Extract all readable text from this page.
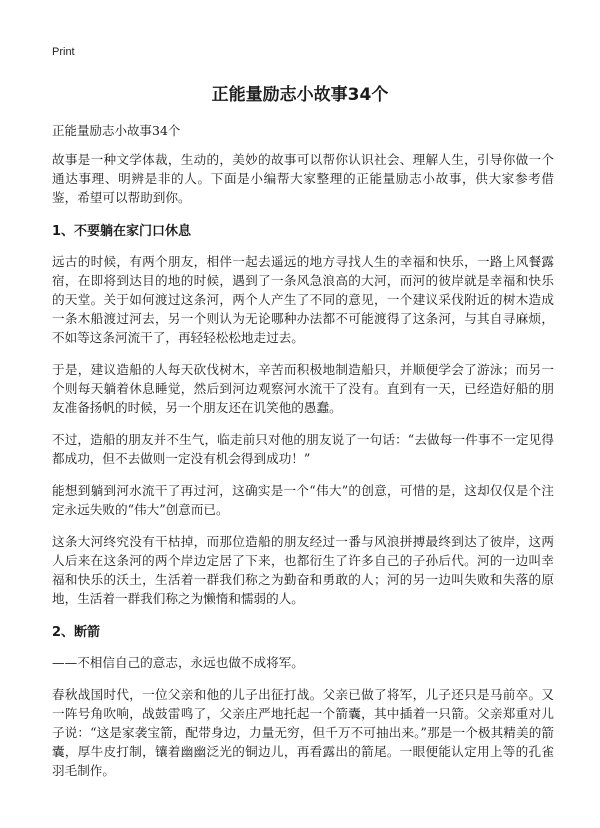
Print
正能量励志小故事34个
正能量励志小故事34个

故事是一种文学体裁，生动的，美妙的故事可以帮你认识社会、理解人生，引导你做一个通达事理、明辨是非的人。下面是小编帮大家整理的正能量励志小故事，供大家参考借鉴，希望可以帮助到你。

1、不要躺在家门口休息

远古的时候，有两个朋友，相伴一起去遥远的地方寻找人生的幸福和快乐，一路上风餐露宿，在即将到达目的地的时候，遇到了一条风急浪高的大河，而河的彼岸就是幸福和快乐的天堂。关于如何渡过这条河，两个人产生了不同的意见，一个建议采伐附近的树木造成一条木船渡过河去，另一个则认为无论哪种办法都不可能渡得了这条河，与其自寻麻烦，不如等这条河流干了，再轻轻松松地走过去。

于是，建议造船的人每天砍伐树木，辛苦而积极地制造船只，并顺便学会了游泳；而另一个则每天躺着休息睡觉，然后到河边观察河水流干了没有。直到有一天，已经造好船的朋友准备扬帆的时候，另一个朋友还在讥笑他的愚蠢。

不过，造船的朋友并不生气，临走前只对他的朋友说了一句话：“去做每一件事不一定见得都成功，但不去做则一定没有机会得到成功！”

能想到躺到河水流干了再过河，这确实是一个“伟大”的创意，可惜的是，这却仅仅是个注定永远失败的“伟大”创意而已。

这条大河终究没有干枯掉，而那位造船的朋友经过一番与风浪拼搏最终到达了彼岸，这两人后来在这条河的两个岸边定居了下来，也都衍生了许多自己的子孙后代。河的一边叫幸福和快乐的沃土，生活着一群我们称之为勤奋和勇敢的人；河的另一边叫失败和失落的原地，生活着一群我们称之为懒惰和懦弱的人。

2、断箭

——不相信自己的意志，永远也做不成将军。

春秋战国时代，一位父亲和他的儿子出征打战。父亲已做了将军，儿子还只是马前卒。又一阵号角吹响，战鼓雷鸣了，父亲庄严地托起一个箭囊，其中插着一只箭。父亲郑重对儿子说：“这是家袭宝箭，配带身边，力量无穷，但千万不可抽出来。”那是一个极其精美的箭囊，厚牛皮打制，镶着幽幽泛光的铜边儿，再看露出的箭尾。一眼便能认定用上等的孔雀羽毛制作。
